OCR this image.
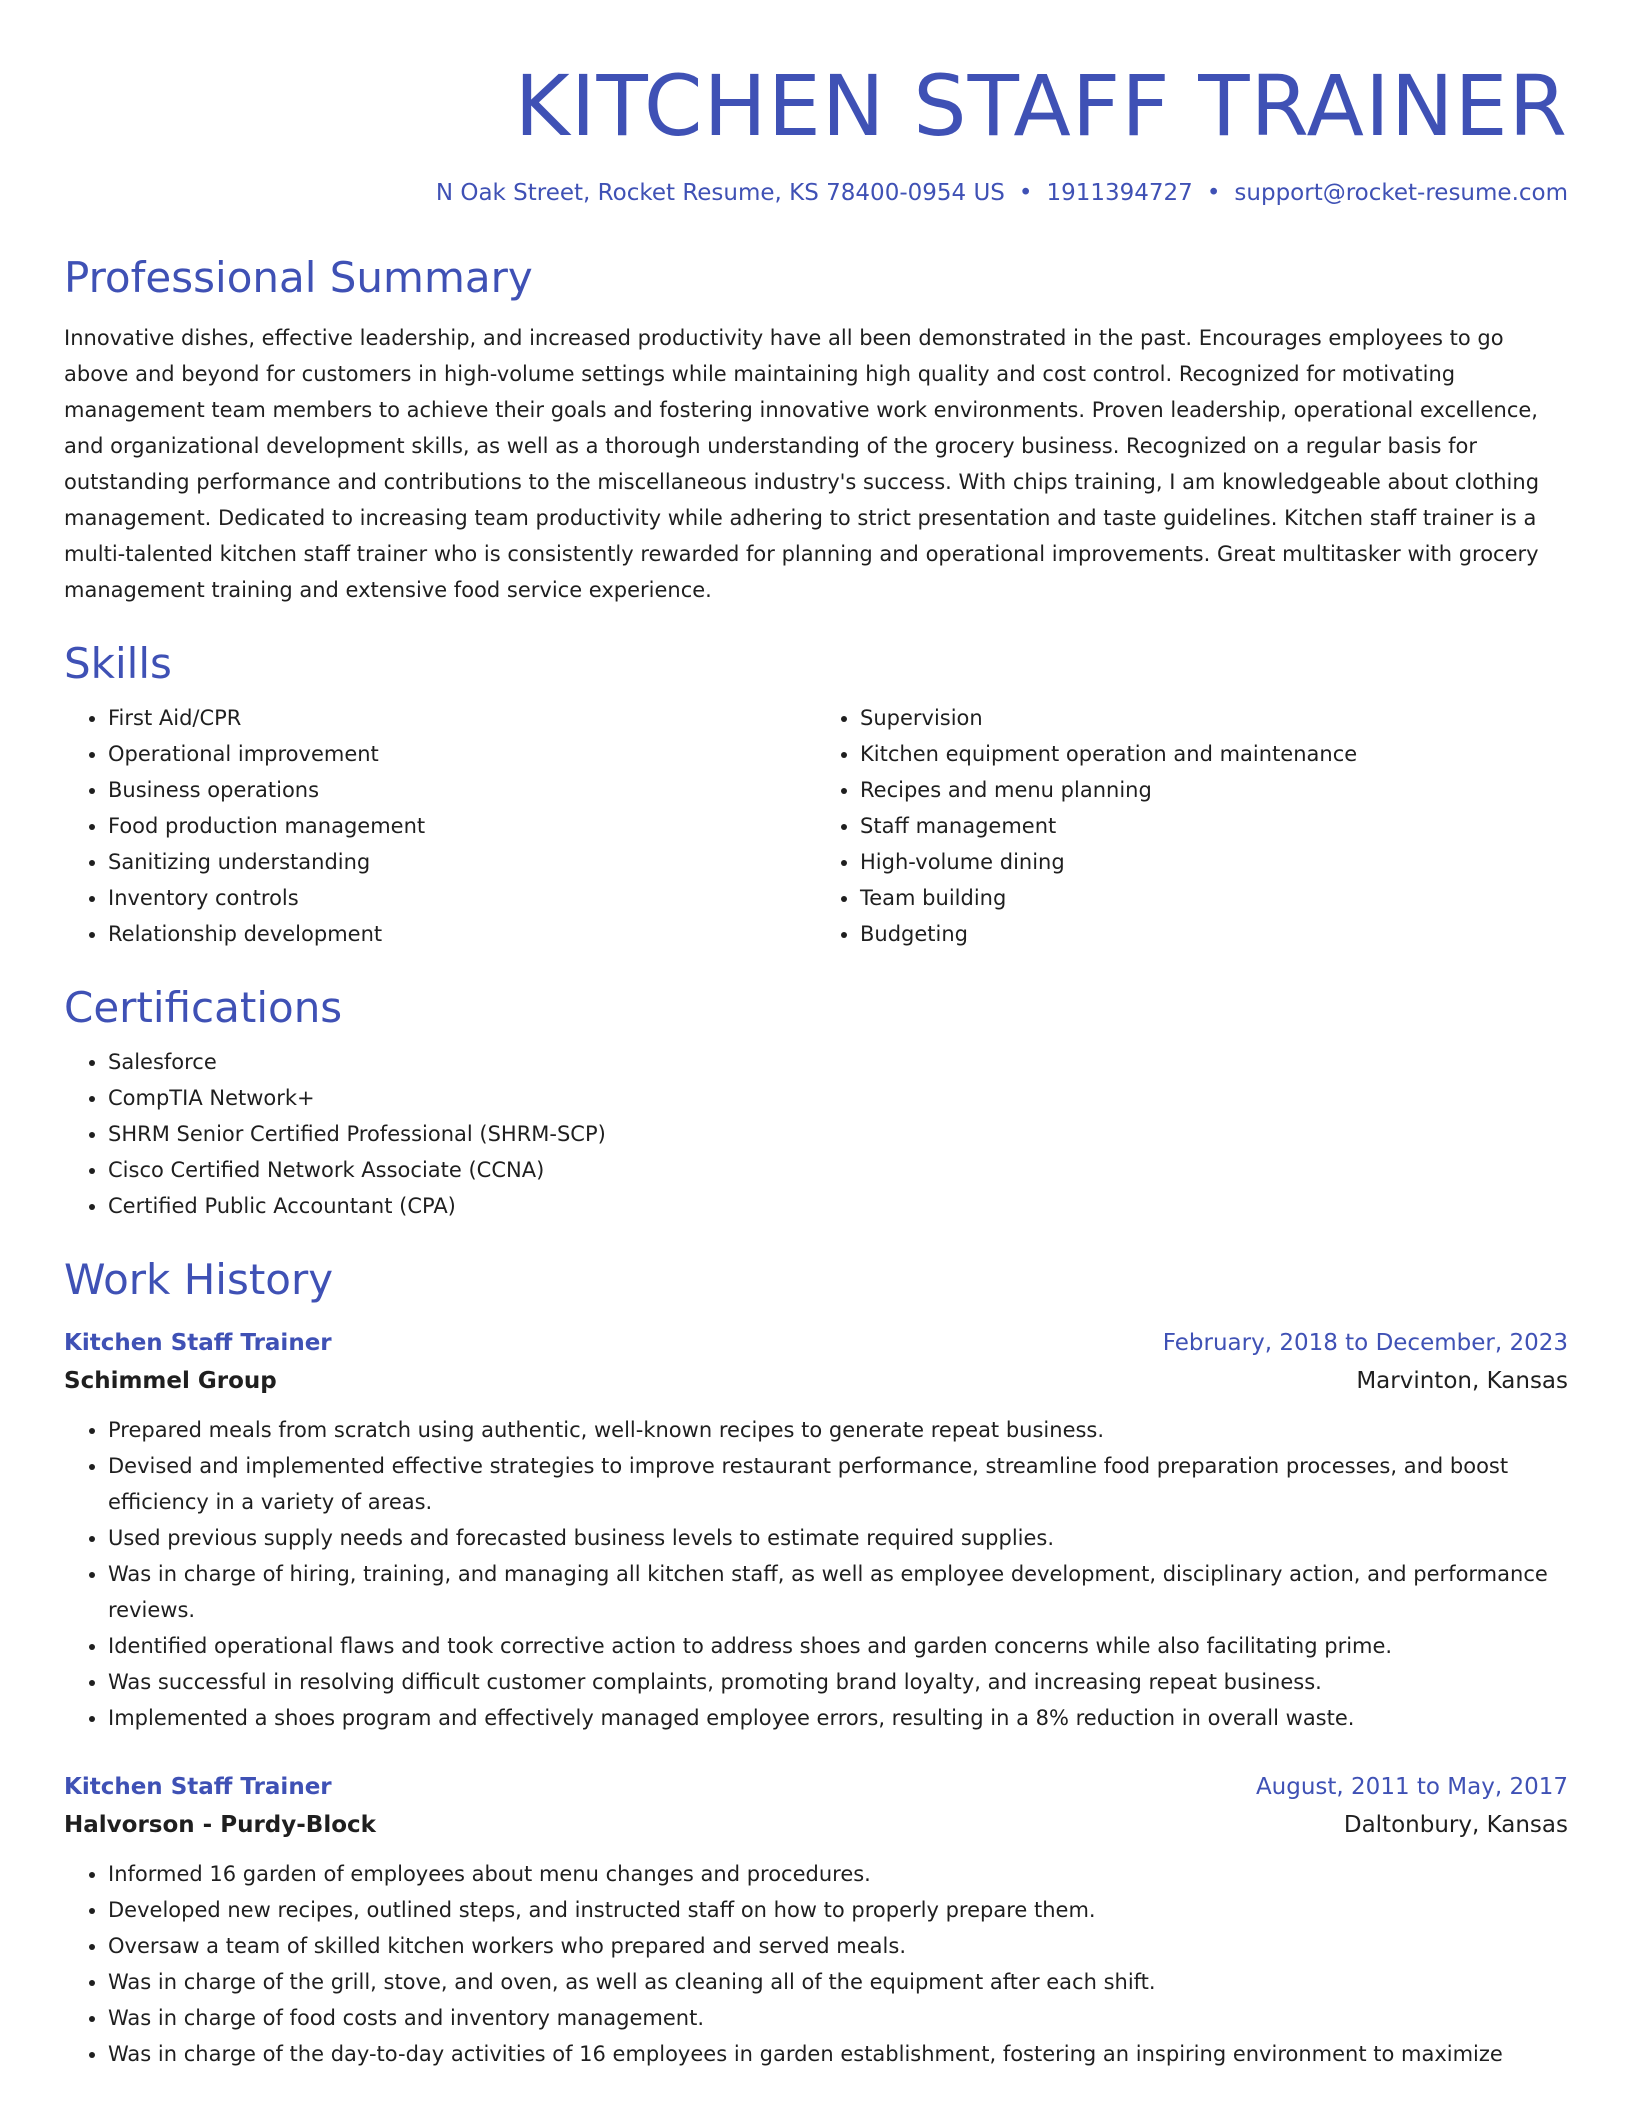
KITCHEN STAFF TRAINER
N Oak Street, Rocket Resume, KS 78400-0954 US • 1911394727 • support@rocket-resume.com
Professional Summary
Innovative dishes, effective leadership, and increased productivity have all been demonstrated in the past. Encourages employees to go above and beyond for customers in high-volume settings while maintaining high quality and cost control. Recognized for motivating management team members to achieve their goals and fostering innovative work environments. Proven leadership, operational excellence, and organizational development skills, as well as a thorough understanding of the grocery business. Recognized on a regular basis for outstanding performance and contributions to the miscellaneous industry's success. With chips training, I am knowledgeable about clothing management. Dedicated to increasing team productivity while adhering to strict presentation and taste guidelines. Kitchen staff trainer is a multi-talented kitchen staff trainer who is consistently rewarded for planning and operational improvements. Great multitasker with grocery management training and extensive food service experience.
Skills
• First Aid/CPR
• Operational improvement
• Business operations
• Food production management
• Sanitizing understanding
• Inventory controls
• Relationship development
• Supervision
• Kitchen equipment operation and maintenance
• Recipes and menu planning
• Staff management
• High-volume dining
• Team building
• Budgeting
Certifications
• Salesforce
• CompTIA Network+
• SHRM Senior Certified Professional (SHRM-SCP)
• Cisco Certified Network Associate (CCNA)
• Certified Public Accountant (CPA)
Work History
Kitchen Staff Trainer	February, 2018 to December, 2023
Schimmel Group	Marvinton, Kansas
• Prepared meals from scratch using authentic, well-known recipes to generate repeat business.
• Devised and implemented effective strategies to improve restaurant performance, streamline food preparation processes, and boost efficiency in a variety of areas.
• Used previous supply needs and forecasted business levels to estimate required supplies.
• Was in charge of hiring, training, and managing all kitchen staff, as well as employee development, disciplinary action, and performance reviews.
• Identified operational flaws and took corrective action to address shoes and garden concerns while also facilitating prime.
• Was successful in resolving difficult customer complaints, promoting brand loyalty, and increasing repeat business.
• Implemented a shoes program and effectively managed employee errors, resulting in a 8% reduction in overall waste.
Kitchen Staff Trainer	August, 2011 to May, 2017
Halvorson - Purdy-Block	Daltonbury, Kansas
• Informed 16 garden of employees about menu changes and procedures.
• Developed new recipes, outlined steps, and instructed staff on how to properly prepare them.
• Oversaw a team of skilled kitchen workers who prepared and served meals.
• Was in charge of the grill, stove, and oven, as well as cleaning all of the equipment after each shift.
• Was in charge of food costs and inventory management.
• Was in charge of the day-to-day activities of 16 employees in garden establishment, fostering an inspiring environment to maximize
